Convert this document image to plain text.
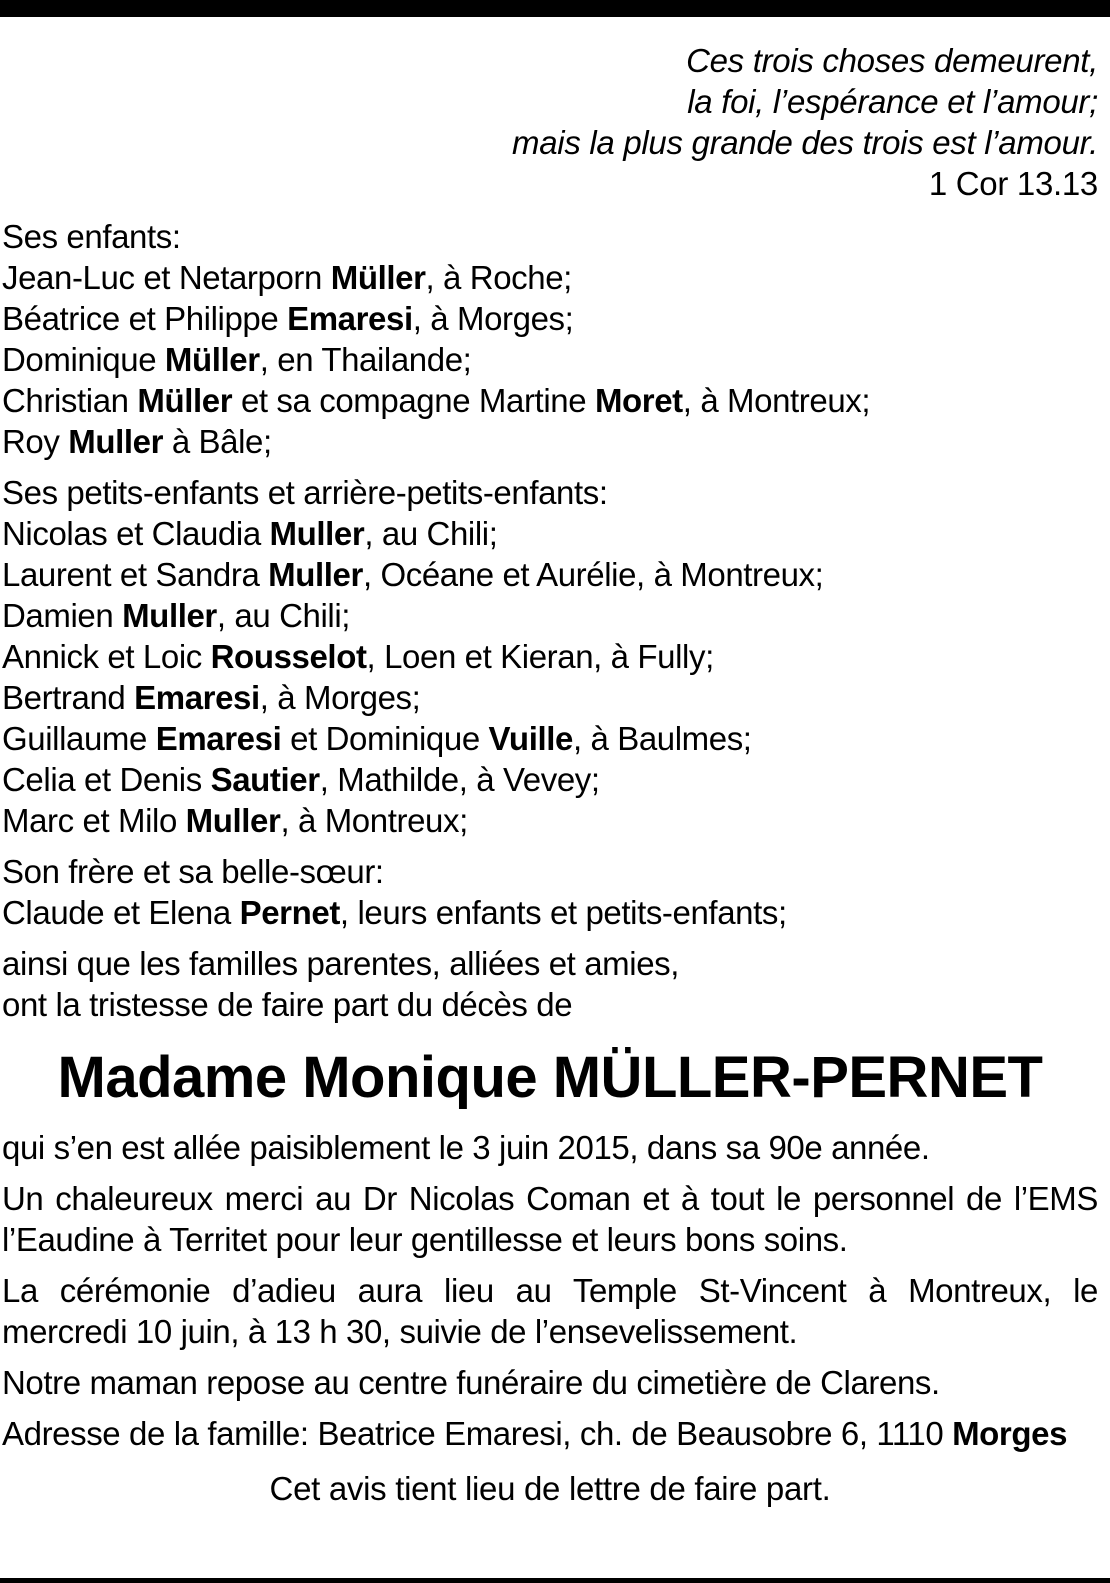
Ces trois choses demeurent,
la foi, l’espérance et l’amour;
mais la plus grande des trois est l’amour.
1 Cor 13.13
Ses enfants:
Jean-Luc et Netarporn Müller, à Roche;
Béatrice et Philippe Emaresi, à Morges;
Dominique Müller, en Thailande;
Christian Müller et sa compagne Martine Moret, à Montreux;
Roy Muller à Bâle;
Ses petits-enfants et arrière-petits-enfants:
Nicolas et Claudia Muller, au Chili;
Laurent et Sandra Muller, Océane et Aurélie, à Montreux;
Damien Muller, au Chili;
Annick et Loic Rousselot, Loen et Kieran, à Fully;
Bertrand Emaresi, à Morges;
Guillaume Emaresi et Dominique Vuille, à Baulmes;
Celia et Denis Sautier, Mathilde, à Vevey;
Marc et Milo Muller, à Montreux;
Son frère et sa belle-sœur:
Claude et Elena Pernet, leurs enfants et petits-enfants;
ainsi que les familles parentes, alliées et amies,
ont la tristesse de faire part du décès de
Madame Monique MÜLLER-PERNET
qui s’en est allée paisiblement le 3 juin 2015, dans sa 90e année.
Un chaleureux merci au Dr Nicolas Coman et à tout le personnel de l’EMS l’Eaudine à Territet pour leur gentillesse et leurs bons soins.
La cérémonie d’adieu aura lieu au Temple St-Vincent à Montreux, le mercredi 10 juin, à 13 h 30, suivie de l’ensevelissement.
Notre maman repose au centre funéraire du cimetière de Clarens.
Adresse de la famille: Beatrice Emaresi, ch. de Beausobre 6, 1110 Morges
Cet avis tient lieu de lettre de faire part.
